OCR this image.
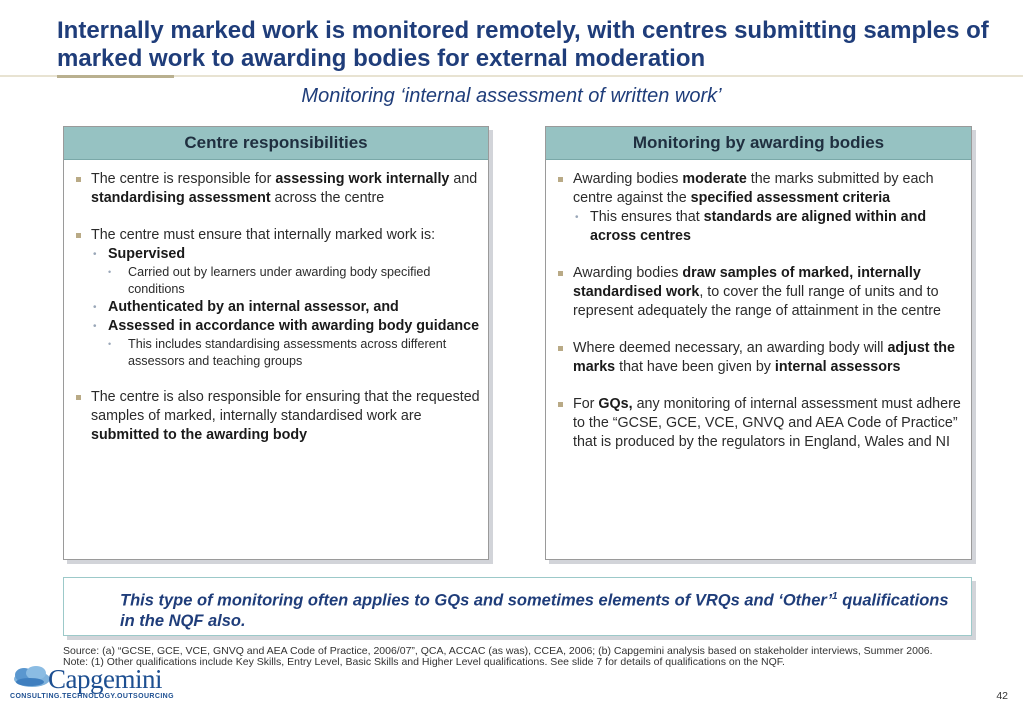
Internally marked work is monitored remotely, with centres submitting samples of marked work to awarding bodies for external moderation
Monitoring ‘internal assessment of written work’
Centre responsibilities
The centre is responsible for assessing work internally and standardising assessment across the centre
The centre must ensure that internally marked work is:
• Supervised
• Carried out by learners under awarding body specified conditions
• Authenticated by an internal assessor, and
• Assessed in accordance with awarding body guidance
• This includes standardising assessments across different assessors and teaching groups
The centre is also responsible for ensuring that the requested samples of marked, internally standardised work are submitted to the awarding body
Monitoring by awarding bodies
Awarding bodies moderate the marks submitted by each centre against the specified assessment criteria
• This ensures that standards are aligned within and across centres
Awarding bodies draw samples of marked, internally standardised work, to cover the full range of units and to represent adequately the range of attainment in the centre
Where deemed necessary, an awarding body will adjust the marks that have been given by internal assessors
For GQs, any monitoring of internal assessment must adhere to the “GCSE, GCE, VCE, GNVQ and AEA Code of Practice” that is produced by the regulators in England, Wales and NI
This type of monitoring often applies to GQs and sometimes elements of VRQs and ‘Other’$^1$ qualifications in the NQF also.
Source: (a) “GCSE, GCE, VCE, GNVQ and AEA Code of Practice, 2006/07”, QCA, ACCAC (as was), CCEA, 2006; (b) Capgemini analysis based on stakeholder interviews, Summer 2006.
Note: (1) Other qualifications include Key Skills, Entry Level, Basic Skills and Higher Level qualifications. See slide 7 for details of qualifications on the NQF.
Capgemini
CONSULTING.TECHNOLOGY.OUTSOURCING	42
